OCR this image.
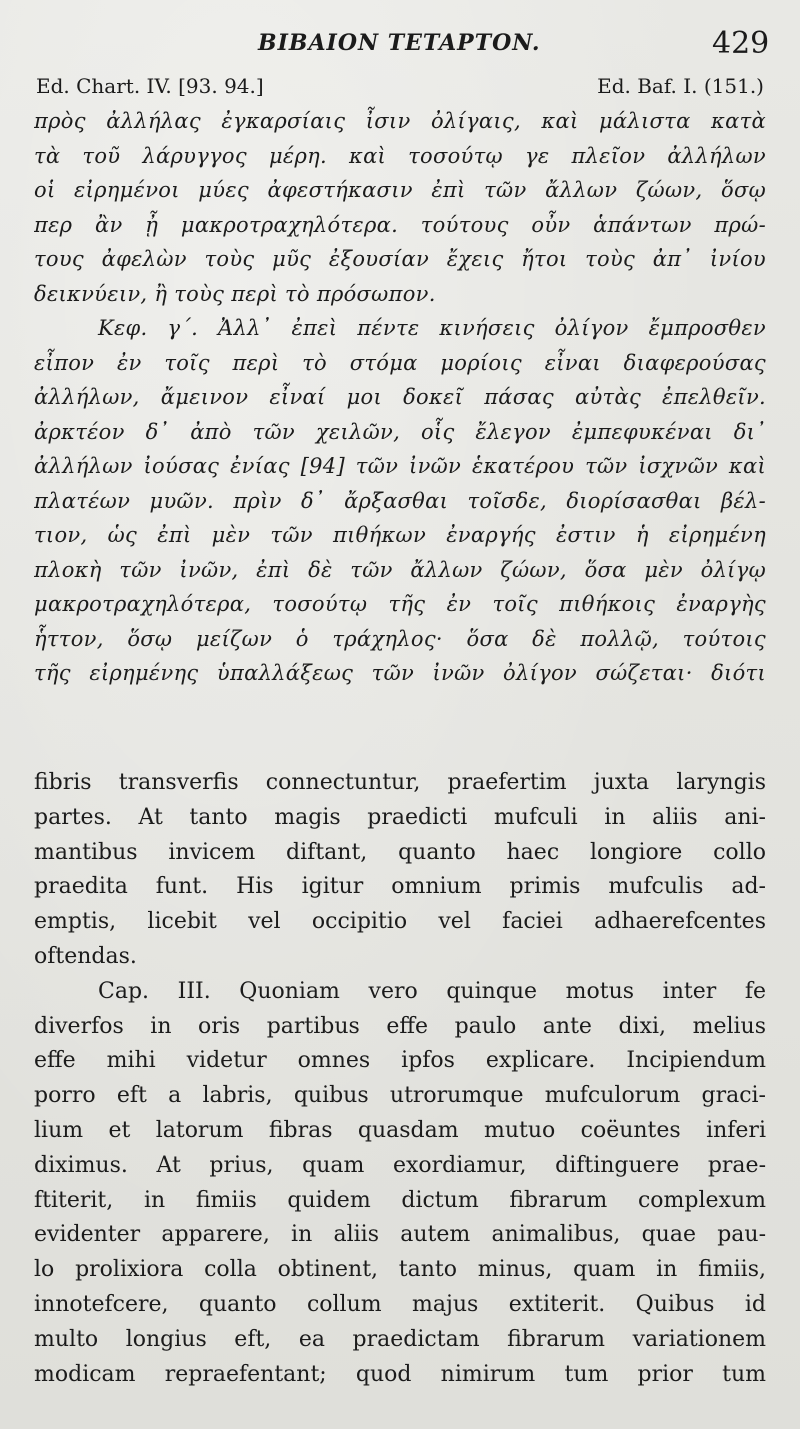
BIBAION TETAPTON.	429
Ed. Chart. IV. [93. 94.]	Ed. Baf. I. (151.)
πρὸς ἀλλήλας ἐγκαρσίαις ἶσιν ὀλίγαις, καὶ μάλιστα κατὰ
τὰ τοῦ λάρυγγος μέρη. καὶ τοσούτῳ γε πλεῖον ἀλλήλων
οἱ εἰρημένοι μύες ἀφεστήκασιν ἐπὶ τῶν ἄλλων ζώων, ὅσῳ
περ ἂν ᾖ μακροτραχηλότερα. τούτους οὖν ἁπάντων πρώ-
τους ἀφελὼν τοὺς μῦς ἐξουσίαν ἔχεις ἤτοι τοὺς ἀπ᾽ ἰνίου
δεικνύειν, ἢ τοὺς περὶ τὸ πρόσωπον.
Κεφ. γ΄. Ἀλλ᾽ ἐπεὶ πέντε κινήσεις ὀλίγον ἔμπροσθεν
εἶπον ἐν τοῖς περὶ τὸ στόμα μορίοις εἶναι διαφερούσας
ἀλλήλων, ἄμεινον εἶναί μοι δοκεῖ πάσας αὐτὰς ἐπελθεῖν.
ἀρκτέον δ᾽ ἀπὸ τῶν χειλῶν, οἷς ἔλεγον ἐμπεφυκέναι δι᾽
ἀλλήλων ἰούσας ἐνίας [94] τῶν ἰνῶν ἑκατέρου τῶν ἰσχνῶν καὶ
πλατέων μυῶν. πρὶν δ᾽ ἄρξασθαι τοῖσδε, διορίσασθαι βέλ-
τιον, ὡς ἐπὶ μὲν τῶν πιθήκων ἐναργής ἐστιν ἡ εἰρημένη
πλοκὴ τῶν ἰνῶν, ἐπὶ δὲ τῶν ἄλλων ζώων, ὅσα μὲν ὀλίγῳ
μακροτραχηλότερα, τοσούτῳ τῆς ἐν τοῖς πιθήκοις ἐναργὴς
ἧττον, ὅσῳ μείζων ὁ τράχηλος· ὅσα δὲ πολλῷ, τούτοις
τῆς εἰρημένης ὑπαλλάξεως τῶν ἰνῶν ὀλίγον σώζεται· διότι
fibris transverfis connectuntur, praefertim juxta laryngis
partes. At tanto magis praedicti mufculi in aliis ani-
mantibus invicem diftant, quanto haec longiore collo
praedita funt. His igitur omnium primis mufculis ad-
emptis, licebit vel occipitio vel faciei adhaerefcentes
oftendas.
Cap. III. Quoniam vero quinque motus inter fe
diverfos in oris partibus effe paulo ante dixi, melius
effe mihi videtur omnes ipfos explicare. Incipiendum
porro eft a labris, quibus utrorumque mufculorum graci-
lium et latorum fibras quasdam mutuo coëuntes inferi
diximus. At prius, quam exordiamur, diftinguere prae-
ftiterit, in fimiis quidem dictum fibrarum complexum
evidenter apparere, in aliis autem animalibus, quae pau-
lo prolixiora colla obtinent, tanto minus, quam in fimiis,
innotefcere, quanto collum majus extiterit. Quibus id
multo longius eft, ea praedictam fibrarum variationem
modicam repraefentant; quod nimirum tum prior tum
